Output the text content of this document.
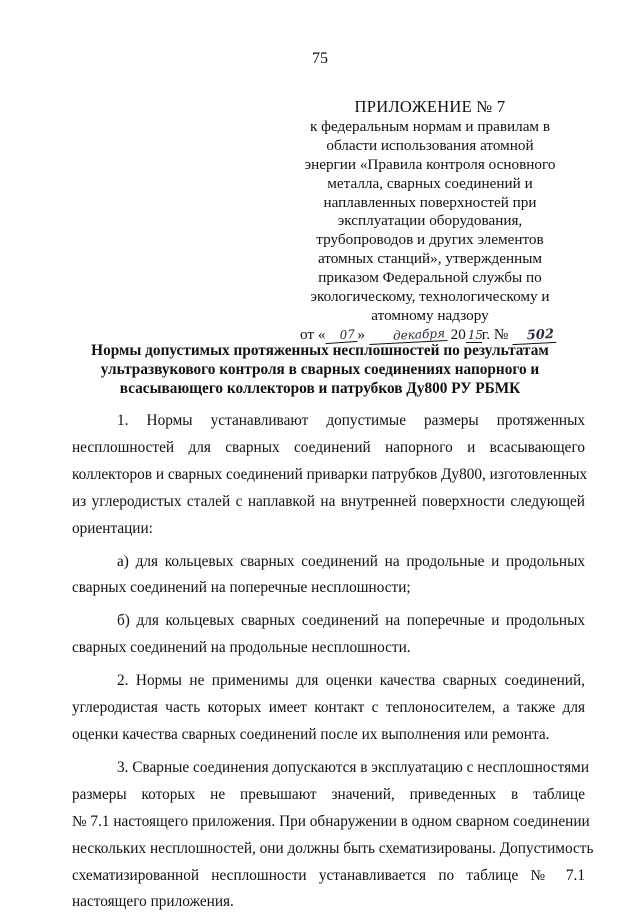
75
ПРИЛОЖЕНИЕ № 7
к федеральным нормам и правилам в
области использования атомной
энергии «Правила контроля основного
металла, сварных соединений и
наплавленных поверхностей при
эксплуатации оборудования,
трубопроводов и других элементов
атомных станций», утвержденным
приказом Федеральной службы по
экологическому, технологическому и
атомному надзору
от « 07 » декабря 20 15г. № 502
Нормы допустимых протяженных несплошностей по результатам
ультразвукового контроля в сварных соединениях напорного и
всасывающего коллекторов и патрубков Ду800 РУ РБМК
1. Нормы устанавливают допустимые размеры протяженных
несплошностей для сварных соединений напорного и всасывающего
коллекторов и сварных соединений приварки патрубков Ду800, изготовленных
из углеродистых сталей с наплавкой на внутренней поверхности следующей
ориентации:
а) для кольцевых сварных соединений на продольные и продольных
сварных соединений на поперечные несплошности;
б) для кольцевых сварных соединений на поперечные и продольных
сварных соединений на продольные несплошности.
2. Нормы не применимы для оценки качества сварных соединений,
углеродистая часть которых имеет контакт с теплоносителем, а также для
оценки качества сварных соединений после их выполнения или ремонта.
3. Сварные соединения допускаются в эксплуатацию с несплошностями
размеры которых не превышают значений, приведенных в таблице
№ 7.1 настоящего приложения. При обнаружении в одном сварном соединении
нескольких несплошностей, они должны быть схематизированы. Допустимость
схематизированной несплошности устанавливается по таблице № 7.1
настоящего приложения.
